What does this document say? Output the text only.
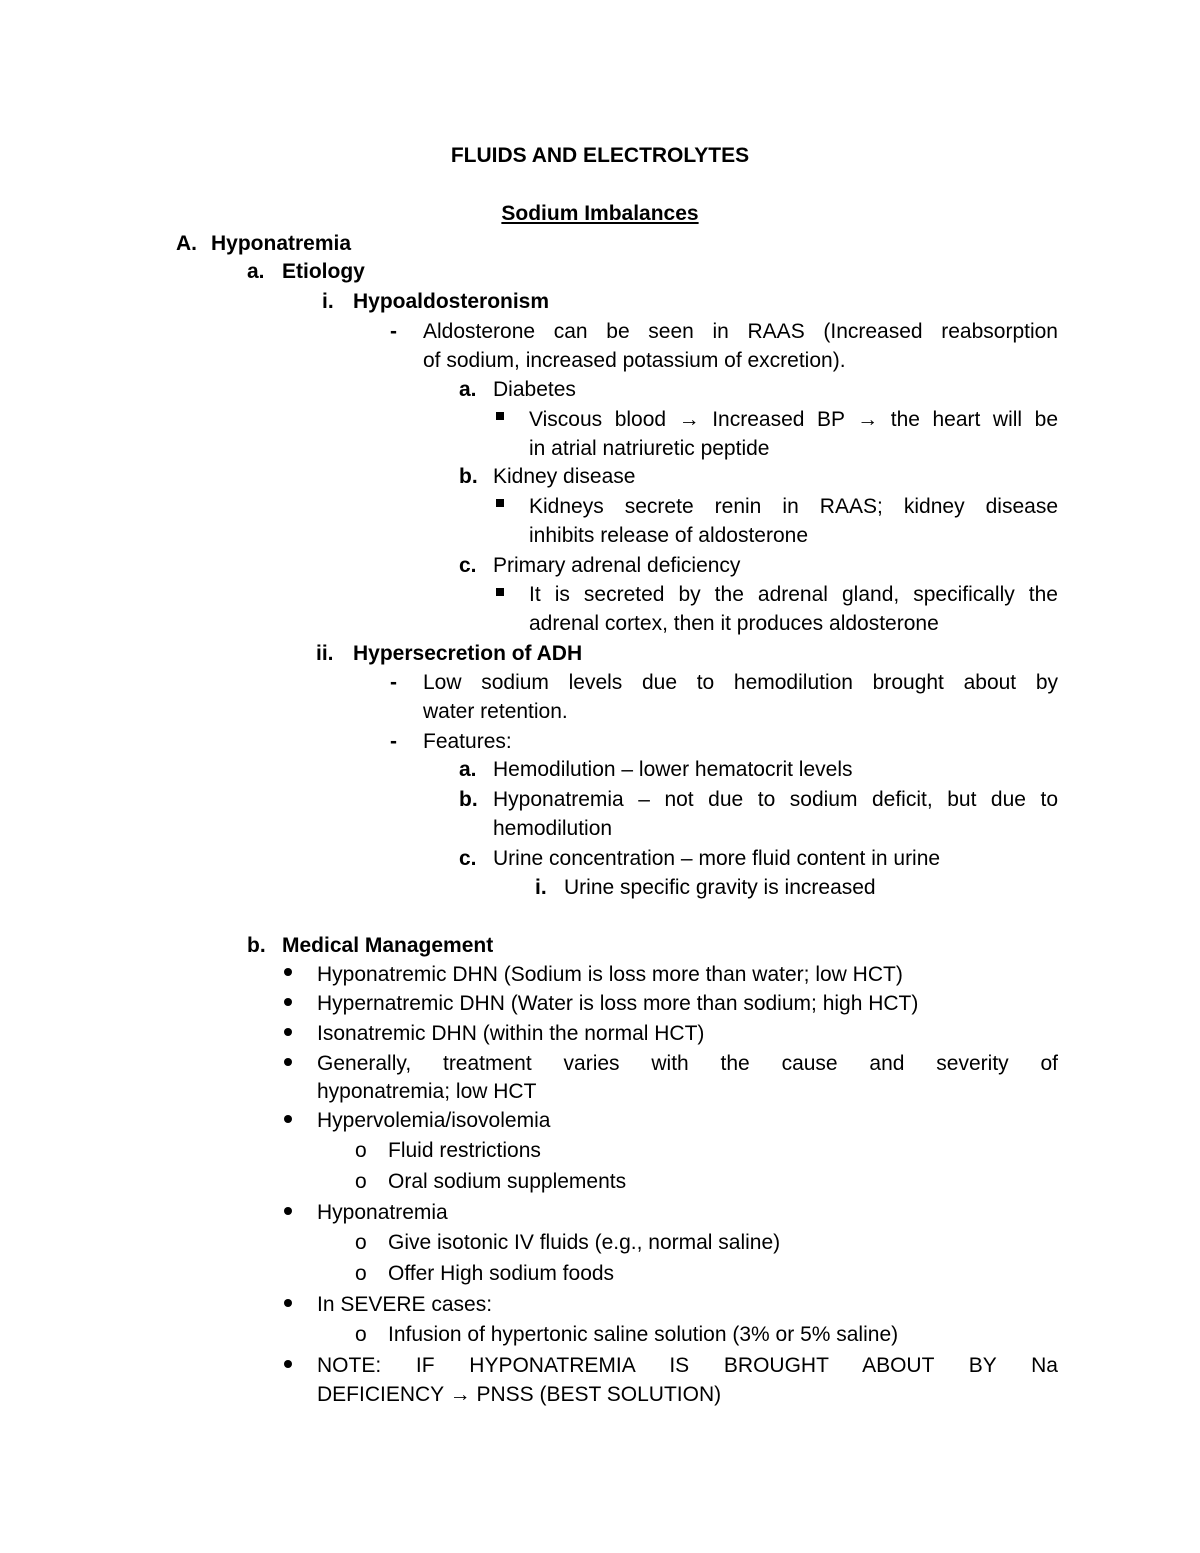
FLUIDS AND ELECTROLYTES
Sodium Imbalances
A. Hyponatremia
a. Etiology
i. Hypoaldosteronism
- Aldosterone can be seen in RAAS (Increased reabsorption
of sodium, increased potassium of excretion).
a. Diabetes
Viscous blood → Increased BP → the heart will be
in atrial natriuretic peptide
b. Kidney disease
Kidneys secrete renin in RAAS; kidney disease
inhibits release of aldosterone
c. Primary adrenal deficiency
It is secreted by the adrenal gland, specifically the
adrenal cortex, then it produces aldosterone
ii. Hypersecretion of ADH
- Low sodium levels due to hemodilution brought about by
water retention.
- Features:
a. Hemodilution – lower hematocrit levels
b. Hyponatremia – not due to sodium deficit, but due to
hemodilution
c. Urine concentration – more fluid content in urine
i. Urine specific gravity is increased
b. Medical Management
Hyponatremic DHN (Sodium is loss more than water; low HCT)
Hypernatremic DHN (Water is loss more than sodium; high HCT)
Isonatremic DHN (within the normal HCT)
Generally, treatment varies with the cause and severity of
hyponatremia; low HCT
Hypervolemia/isovolemia
o Fluid restrictions
o Oral sodium supplements
Hyponatremia
o Give isotonic IV fluids (e.g., normal saline)
o Offer High sodium foods
In SEVERE cases:
o Infusion of hypertonic saline solution (3% or 5% saline)
NOTE: IF HYPONATREMIA IS BROUGHT ABOUT BY Na
DEFICIENCY → PNSS (BEST SOLUTION)
